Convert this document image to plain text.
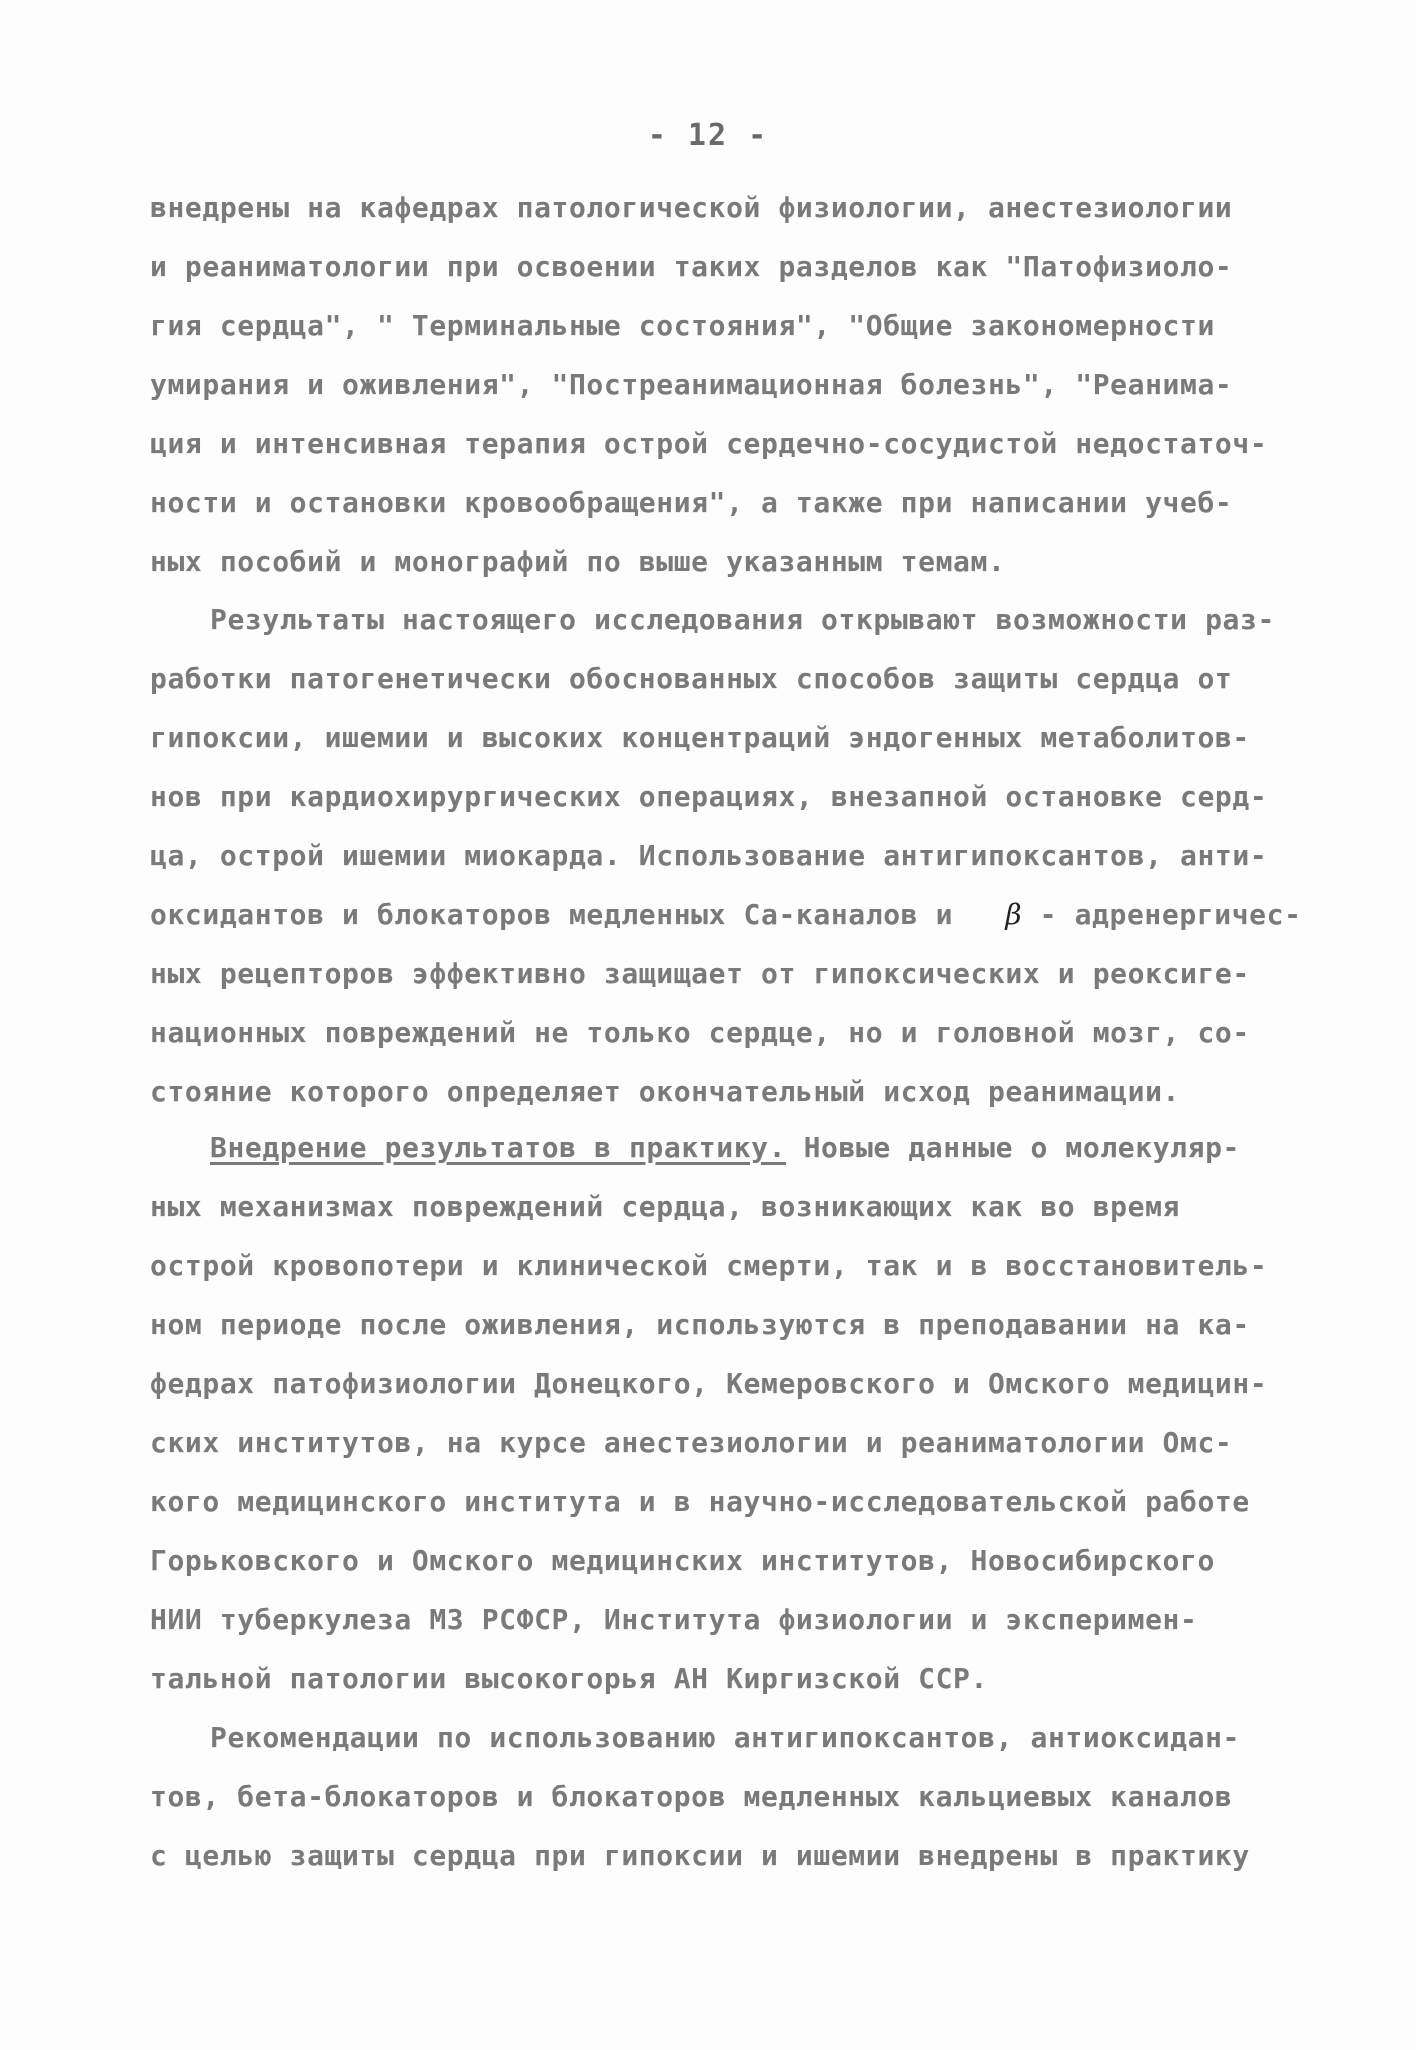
- 12 -
внедрены на кафедрах патологической физиологии, анестезиологии
и реаниматологии при освоении таких разделов как "Патофизиоло-
гия сердца", " Терминальные состояния", "Общие закономерности
умирания и оживления", "Постреанимационная болезнь", "Реанима-
ция и интенсивная терапия острой сердечно-сосудистой недостаточ-
ности и остановки кровообращения", а также при написании учеб-
ных пособий и монографий по выше указанным темам.
Результаты настоящего исследования открывают возможности раз-
работки патогенетически обоснованных способов защиты сердца от
гипоксии, ишемии и высоких концентраций эндогенных метаболитов-
нов при кардиохирургических операциях, внезапной остановке серд-
ца, острой ишемии миокарда. Использование антигипоксантов, анти-
оксидантов и блокаторов медленных Са-каналов и β - адренергичес-
ных рецепторов эффективно защищает от гипоксических и реоксиге-
национных повреждений не только сердце, но и головной мозг, со-
стояние которого определяет окончательный исход реанимации.
Внедрение результатов в практику. Новые данные о молекуляр-
ных механизмах повреждений сердца, возникающих как во время
острой кровопотери и клинической смерти, так и в восстановитель-
ном периоде после оживления, используются в преподавании на ка-
федрах патофизиологии Донецкого, Кемеровского и Омского медицин-
ских институтов, на курсе анестезиологии и реаниматологии Омс-
кого медицинского института и в научно-исследовательской работе
Горьковского и Омского медицинских институтов, Новосибирского
НИИ туберкулеза МЗ РСФСР, Института физиологии и эксперимен-
тальной патологии высокогорья АН Киргизской ССР.
Рекомендации по использованию антигипоксантов, антиоксидан-
тов, бета-блокаторов и блокаторов медленных кальциевых каналов
с целью защиты сердца при гипоксии и ишемии внедрены в практику
